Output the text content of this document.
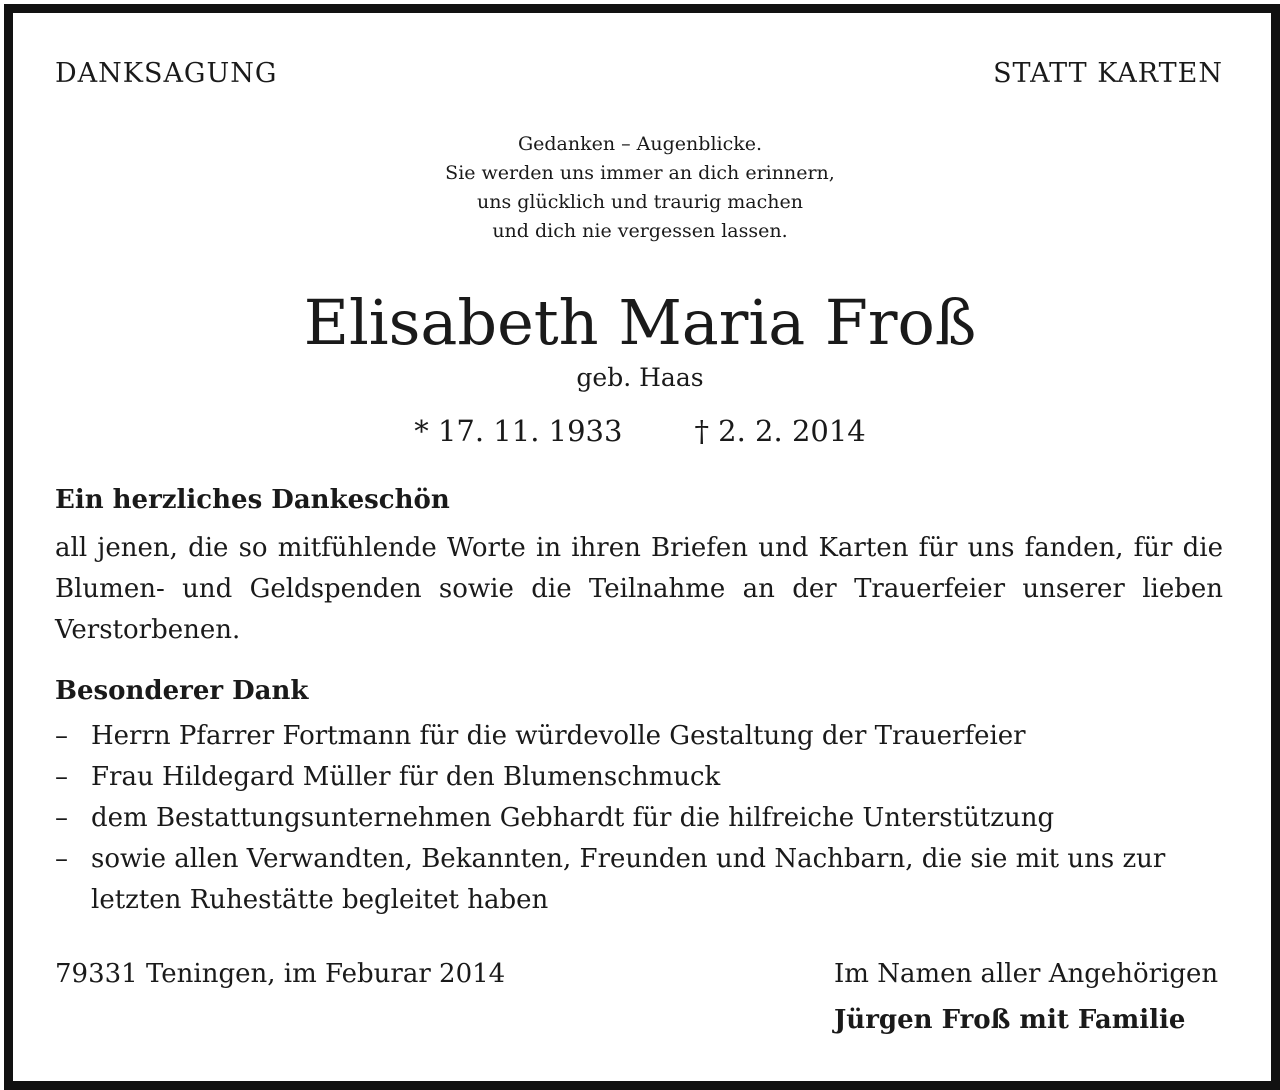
DANKSAGUNG	STATT KARTEN
Gedanken – Augenblicke.
Sie werden uns immer an dich erinnern,
uns glücklich und traurig machen
und dich nie vergessen lassen.
Elisabeth Maria Froß
geb. Haas
* 17. 11. 1933 † 2. 2. 2014
Ein herzliches Dankeschön
all jenen, die so mitfühlende Worte in ihren Briefen und Karten für uns fanden, für die Blumen- und Geldspenden sowie die Teilnahme an der Trauerfeier unserer lieben Verstorbenen.
Besonderer Dank
– Herrn Pfarrer Fortmann für die würdevolle Gestaltung der Trauerfeier
– Frau Hildegard Müller für den Blumenschmuck
– dem Bestattungsunternehmen Gebhardt für die hilfreiche Unterstützung
– sowie allen Verwandten, Bekannten, Freunden und Nachbarn, die sie mit uns zur letzten Ruhestätte begleitet haben
79331 Teningen, im Feburar 2014	Im Namen aller Angehörigen
Jürgen Froß mit Familie
